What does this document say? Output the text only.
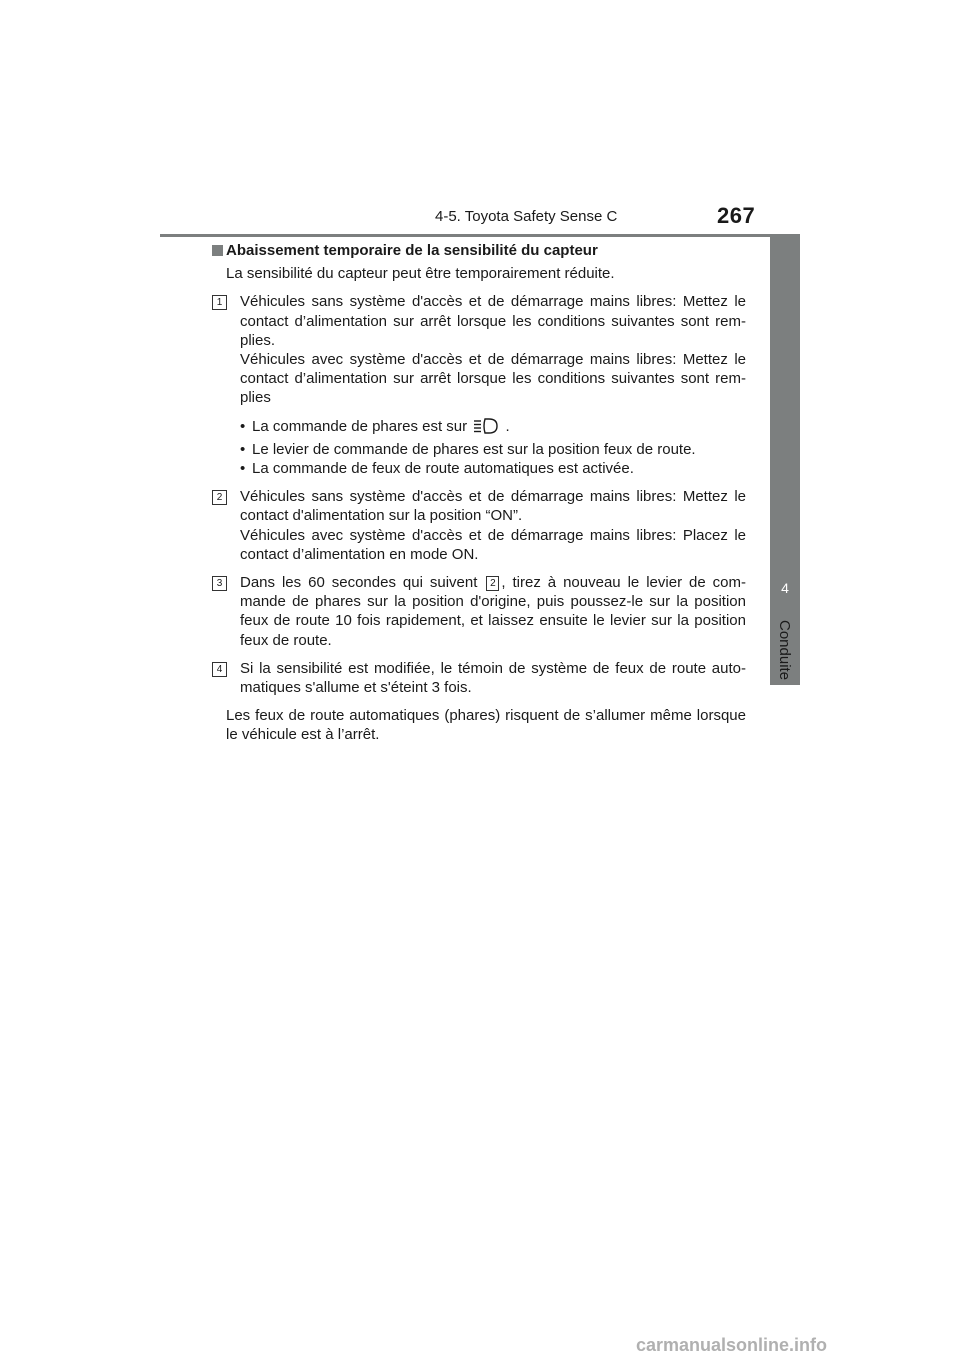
4-5. Toyota Safety Sense C	267
4
Conduite
Abaissement temporaire de la sensibilité du capteur
La sensibilité du capteur peut être temporairement réduite.
1	Véhicules sans système d'accès et de démarrage mains libres: Mettez le contact d’alimentation sur arrêt lorsque les conditions suivantes sont rem-plies.
Véhicules avec système d'accès et de démarrage mains libres: Mettez le contact d’alimentation sur arrêt lorsque les conditions suivantes sont rem-plies
• La commande de phares est sur	.
• Le levier de commande de phares est sur la position feux de route.
• La commande de feux de route automatiques est activée.
2	Véhicules sans système d'accès et de démarrage mains libres: Mettez le contact d'alimentation sur la position “ON”.
Véhicules avec système d'accès et de démarrage mains libres: Placez le contact d’alimentation en mode ON.
3	Dans les 60 secondes qui suivent 2 , tirez à nouveau le levier de com-mande de phares sur la position d'origine, puis poussez-le sur la position feux de route 10 fois rapidement, et laissez ensuite le levier sur la position feux de route.
4	Si la sensibilité est modifiée, le témoin de système de feux de route auto-matiques s'allume et s'éteint 3 fois.
Les feux de route automatiques (phares) risquent de s’allumer même lorsque le véhicule est à l’arrêt.
carmanualsonline.info
